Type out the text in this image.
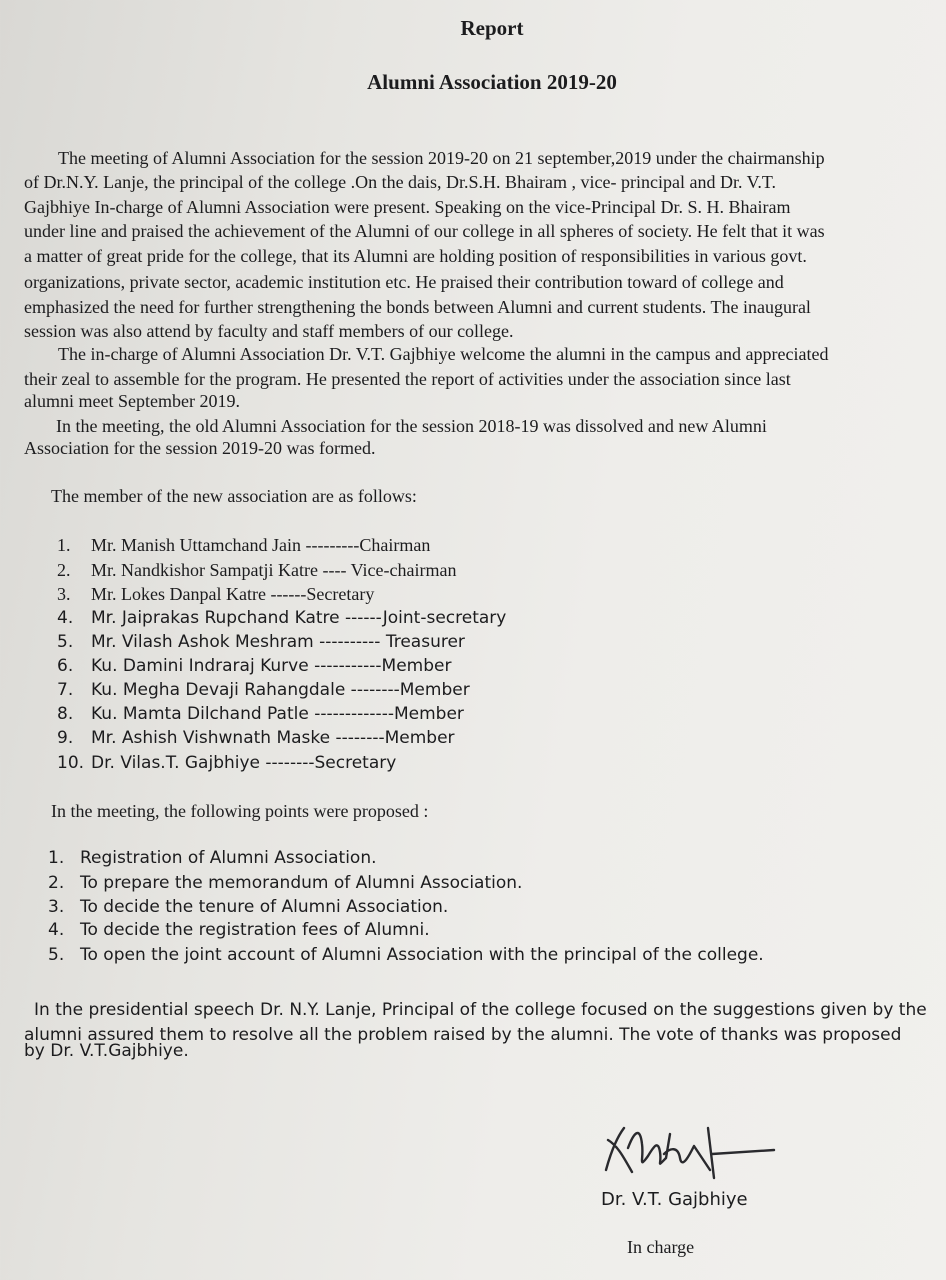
Report
Alumni Association 2019-20
The meeting of Alumni Association for the session 2019-20 on 21 september,2019 under the chairmanship
of Dr.N.Y. Lanje, the principal of the college .On the dais, Dr.S.H. Bhairam , vice- principal and Dr. V.T.
Gajbhiye In-charge of Alumni Association were present. Speaking on the vice-Principal Dr. S. H. Bhairam
under line and praised the achievement of the Alumni of our college in all spheres of society. He felt that it was
a matter of great pride for the college, that its Alumni are holding position of responsibilities in various govt.
organizations, private sector, academic institution etc. He praised their contribution toward of college and
emphasized the need for further strengthening the bonds between Alumni and current students. The inaugural
session was also attend by faculty and staff members of our college.
The in-charge of Alumni Association Dr. V.T. Gajbhiye welcome the alumni in the campus and appreciated
their zeal to assemble for the program. He presented the report of activities under the association since last
alumni meet September 2019.
In the meeting, the old Alumni Association for the session 2018-19 was dissolved and new Alumni
Association for the session 2019-20 was formed.
The member of the new association are as follows:
1. Mr. Manish Uttamchand Jain ---------Chairman
2. Mr. Nandkishor Sampatji Katre ---- Vice-chairman
3. Mr. Lokes Danpal Katre ------Secretary
4. Mr. Jaiprakas Rupchand Katre ------Joint-secretary
5. Mr. Vilash Ashok Meshram ---------- Treasurer
6. Ku. Damini Indraraj Kurve -----------Member
7. Ku. Megha Devaji Rahangdale --------Member
8. Ku. Mamta Dilchand Patle -------------Member
9. Mr. Ashish Vishwnath Maske --------Member
10. Dr. Vilas.T. Gajbhiye --------Secretary
In the meeting, the following points were proposed :
1. Registration of Alumni Association.
2. To prepare the memorandum of Alumni Association.
3. To decide the tenure of Alumni Association.
4. To decide the registration fees of Alumni.
5. To open the joint account of Alumni Association with the principal of the college.
In the presidential speech Dr. N.Y. Lanje, Principal of the college focused on the suggestions given by the
alumni assured them to resolve all the problem raised by the alumni. The vote of thanks was proposed
by Dr. V.T.Gajbhiye.
Dr. V.T. Gajbhiye
In charge
